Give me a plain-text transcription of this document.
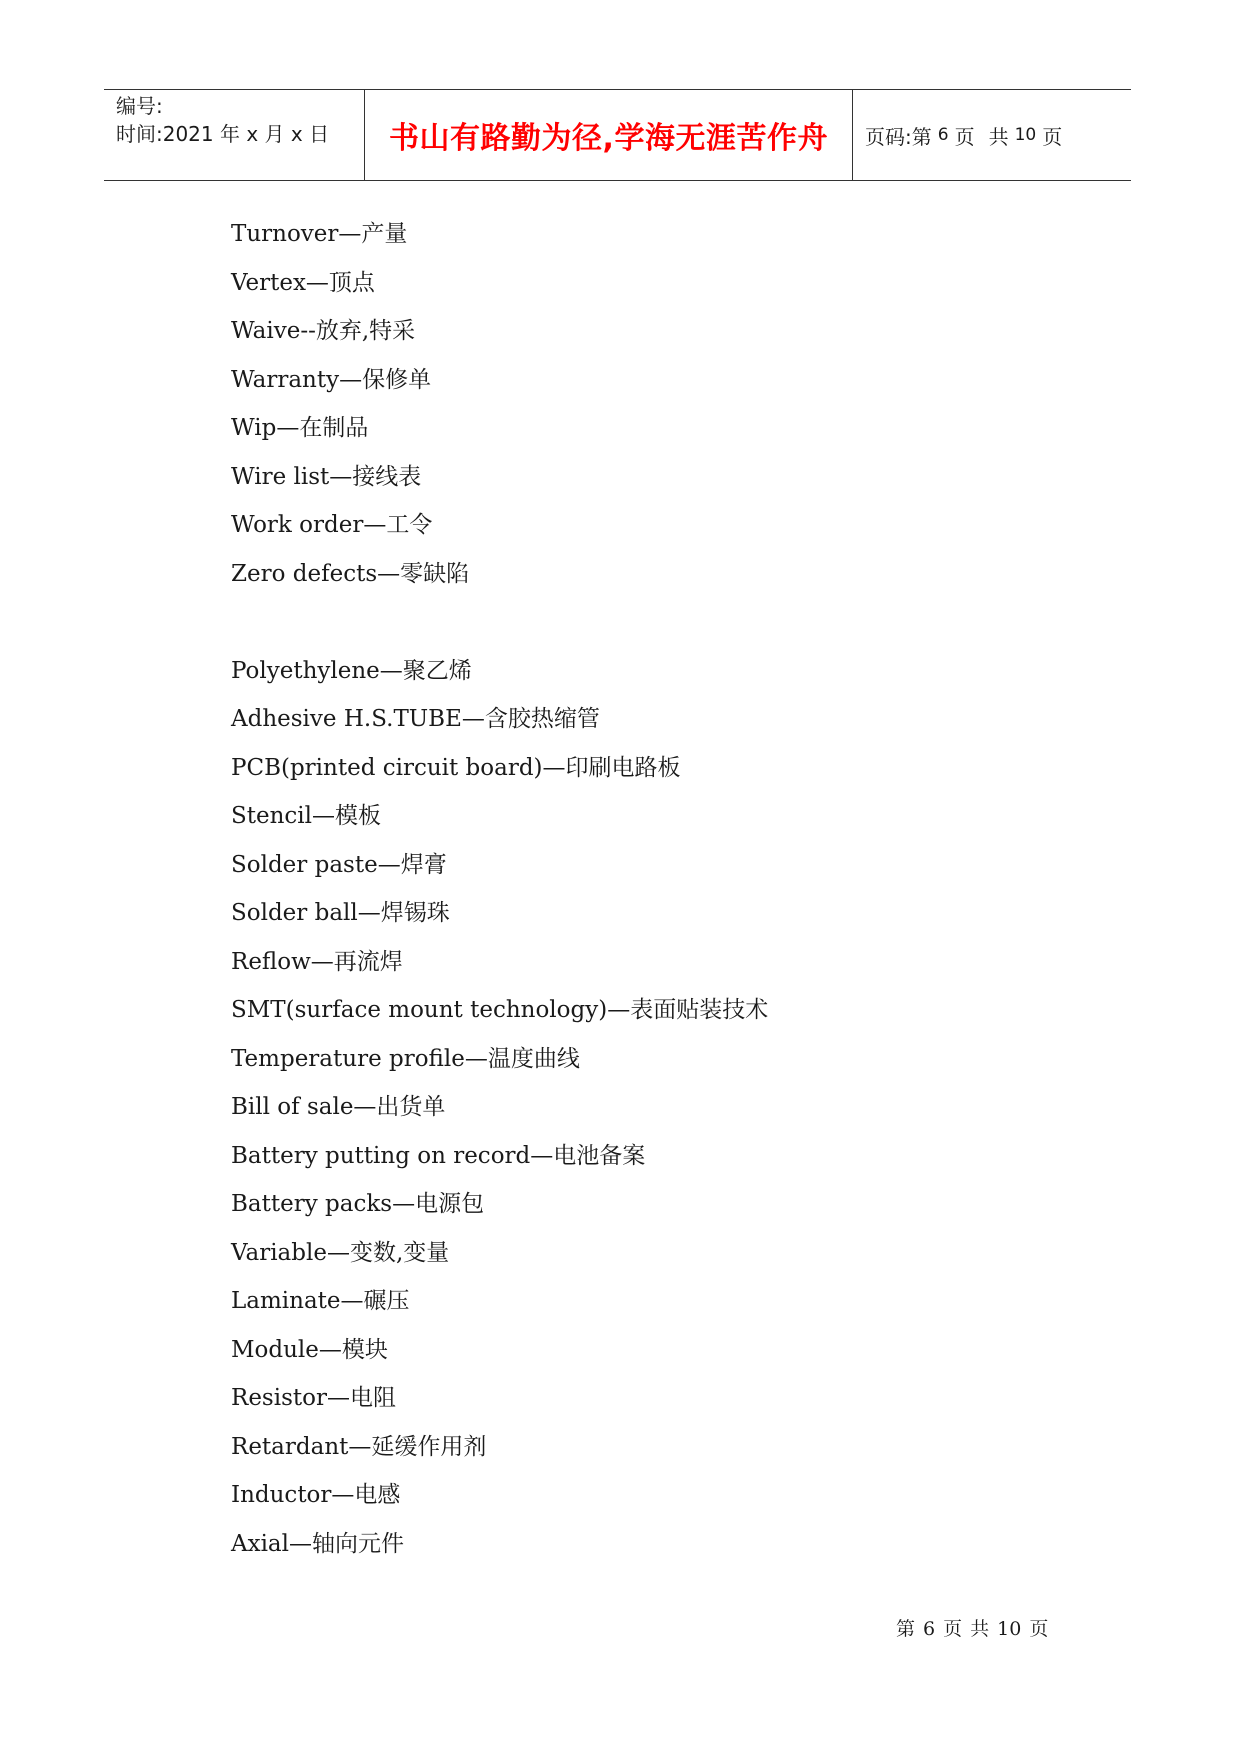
编号:
时间:2021 年 x 月 x 日	书山有路勤为径,学海无涯苦作舟 页码:第 6 页 共 10 页
Turnover—产量
Vertex—顶点
Waive--放弃,特采
Warranty—保修单
Wip—在制品
Wire list—接线表
Work order—工令
Zero defects—零缺陷
Polyethylene—聚乙烯
Adhesive H.S.TUBE—含胶热缩管
PCB(printed circuit board)—印刷电路板
Stencil—模板
Solder paste—焊膏
Solder ball—焊锡珠
Reflow—再流焊
SMT(surface mount technology)—表面贴装技术
Temperature profile—温度曲线
Bill of sale—出货单
Battery putting on record—电池备案
Battery packs—电源包
Variable—变数,变量
Laminate—碾压
Module—模块
Resistor—电阻
Retardant—延缓作用剂
Inductor—电感
Axial—轴向元件
第 6 页 共 10 页
